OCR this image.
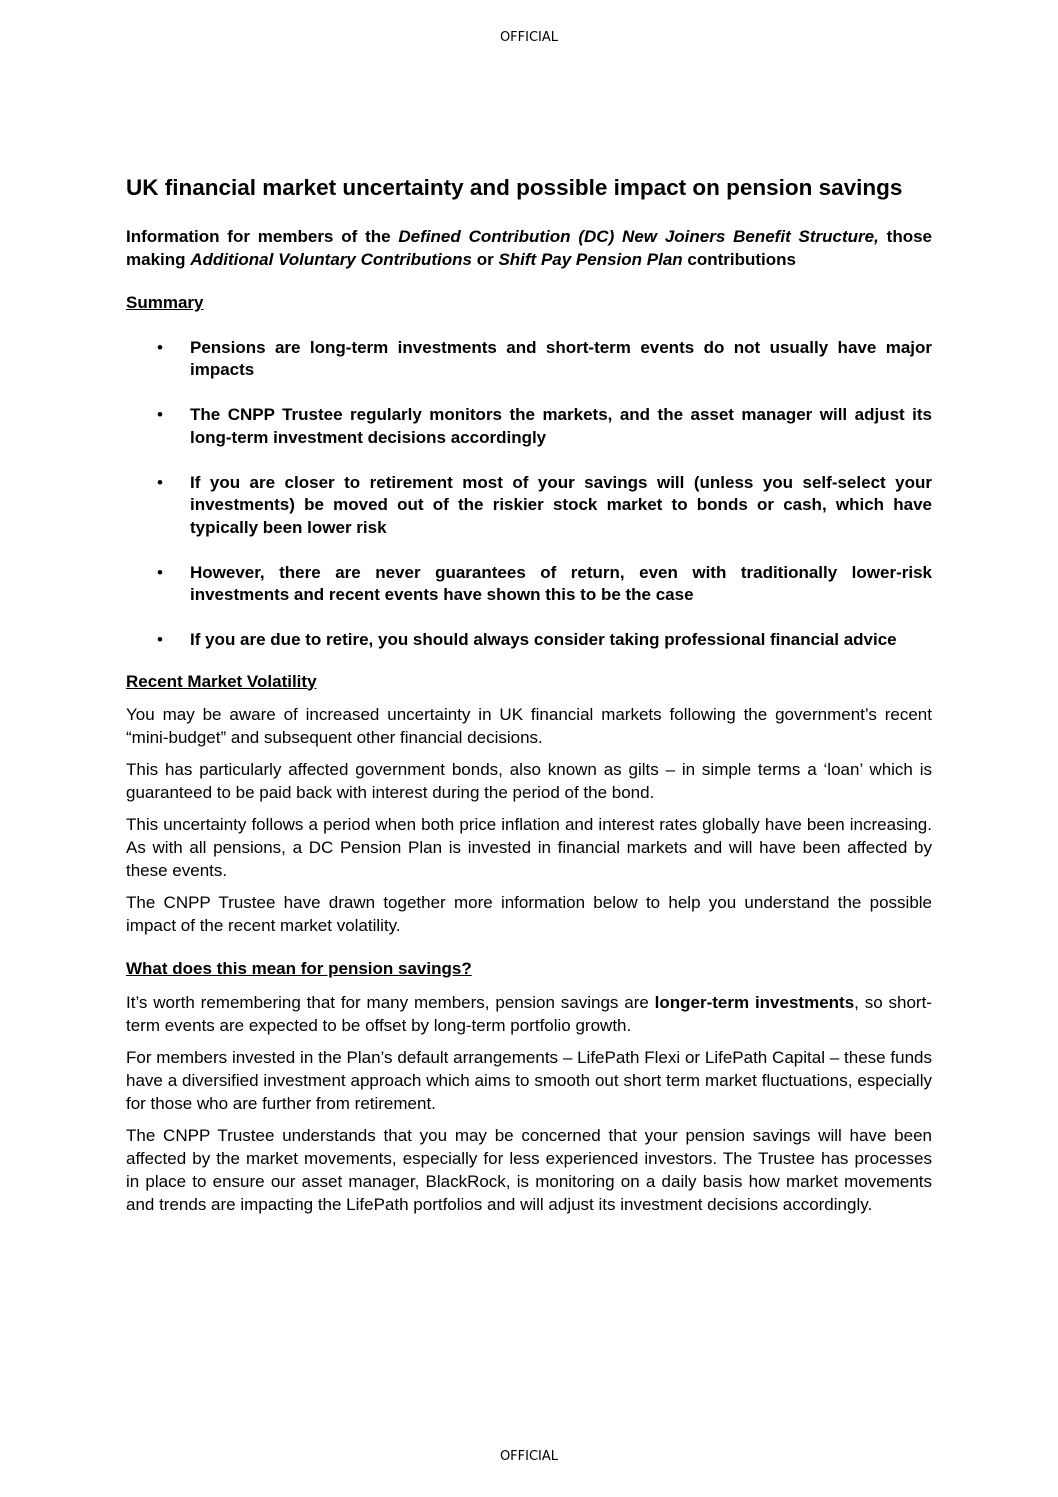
OFFICIAL
UK financial market uncertainty and possible impact on pension savings

Information for members of the Defined Contribution (DC) New Joiners Benefit Structure, those making Additional Voluntary Contributions or Shift Pay Pension Plan contributions

Summary

• Pensions are long-term investments and short-term events do not usually have major impacts
• The CNPP Trustee regularly monitors the markets, and the asset manager will adjust its long-term investment decisions accordingly
• If you are closer to retirement most of your savings will (unless you self-select your investments) be moved out of the riskier stock market to bonds or cash, which have typically been lower risk
• However, there are never guarantees of return, even with traditionally lower-risk investments and recent events have shown this to be the case
• If you are due to retire, you should always consider taking professional financial advice

Recent Market Volatility

You may be aware of increased uncertainty in UK financial markets following the government’s recent “mini-budget” and subsequent other financial decisions.

This has particularly affected government bonds, also known as gilts – in simple terms a ‘loan’ which is guaranteed to be paid back with interest during the period of the bond.

This uncertainty follows a period when both price inflation and interest rates globally have been increasing. As with all pensions, a DC Pension Plan is invested in financial markets and will have been affected by these events.

The CNPP Trustee have drawn together more information below to help you understand the possible impact of the recent market volatility.

What does this mean for pension savings?

It’s worth remembering that for many members, pension savings are longer-term investments, so short-term events are expected to be offset by long-term portfolio growth.

For members invested in the Plan’s default arrangements – LifePath Flexi or LifePath Capital – these funds have a diversified investment approach which aims to smooth out short term market fluctuations, especially for those who are further from retirement.

The CNPP Trustee understands that you may be concerned that your pension savings will have been affected by the market movements, especially for less experienced investors. The Trustee has processes in place to ensure our asset manager, BlackRock, is monitoring on a daily basis how market movements and trends are impacting the LifePath portfolios and will adjust its investment decisions accordingly.

OFFICIAL
